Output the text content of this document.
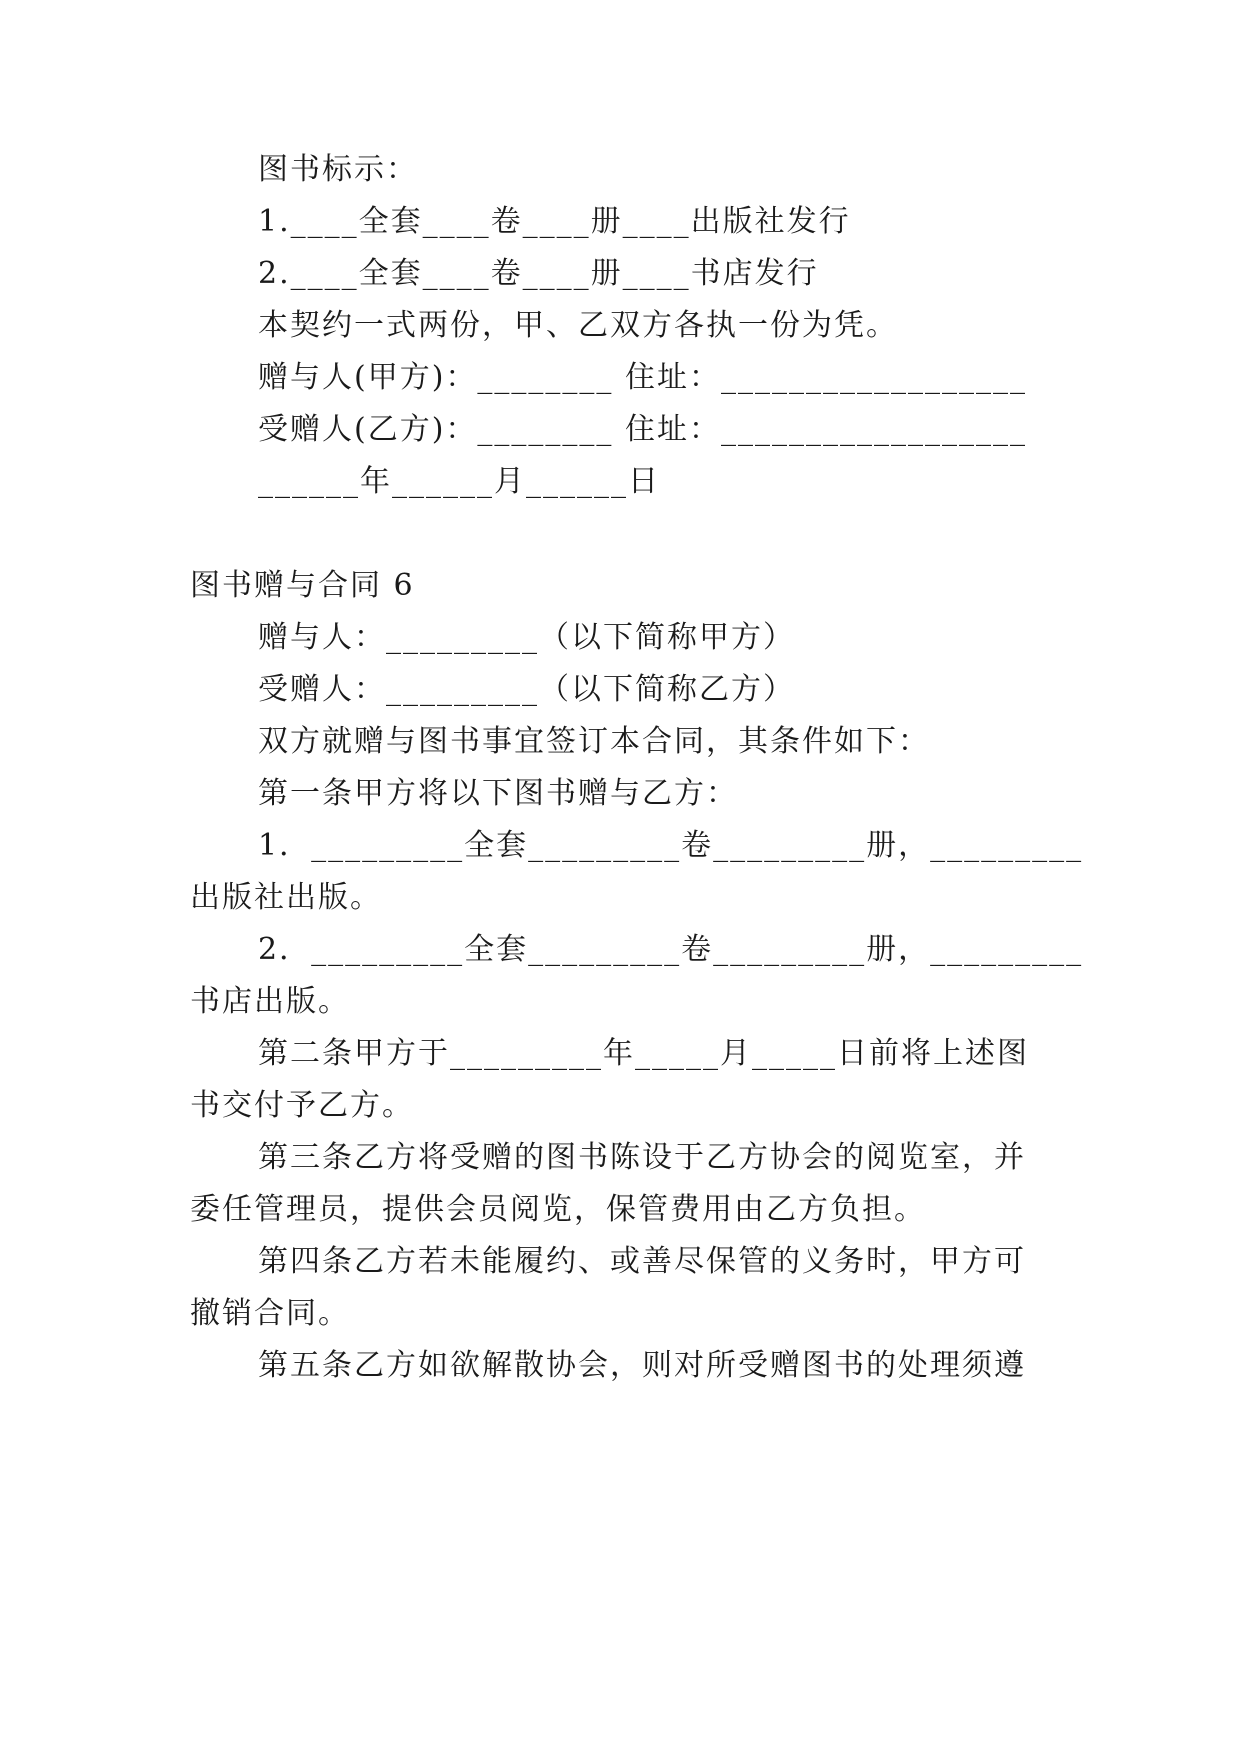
图书标示：
1.____全套____卷____册____出版社发行
2.____全套____卷____册____书店发行
本契约一式两份，甲、乙双方各执一份为凭。
赠与人(甲方)：________ 住址：__________________
受赠人(乙方)：________ 住址：__________________
______年______月______日
图书赠与合同 6
赠与人：_________（以下简称甲方）
受赠人：_________（以下简称乙方）
双方就赠与图书事宜签订本合同，其条件如下：
第一条甲方将以下图书赠与乙方：
1．_________全套_________卷_________册，_________
出版社出版。
2．_________全套_________卷_________册，_________
书店出版。
第二条甲方于_________年_____月_____日前将上述图
书交付予乙方。
第三条乙方将受赠的图书陈设于乙方协会的阅览室，并
委任管理员，提供会员阅览，保管费用由乙方负担。
第四条乙方若未能履约、或善尽保管的义务时，甲方可
撤销合同。
第五条乙方如欲解散协会，则对所受赠图书的处理须遵
